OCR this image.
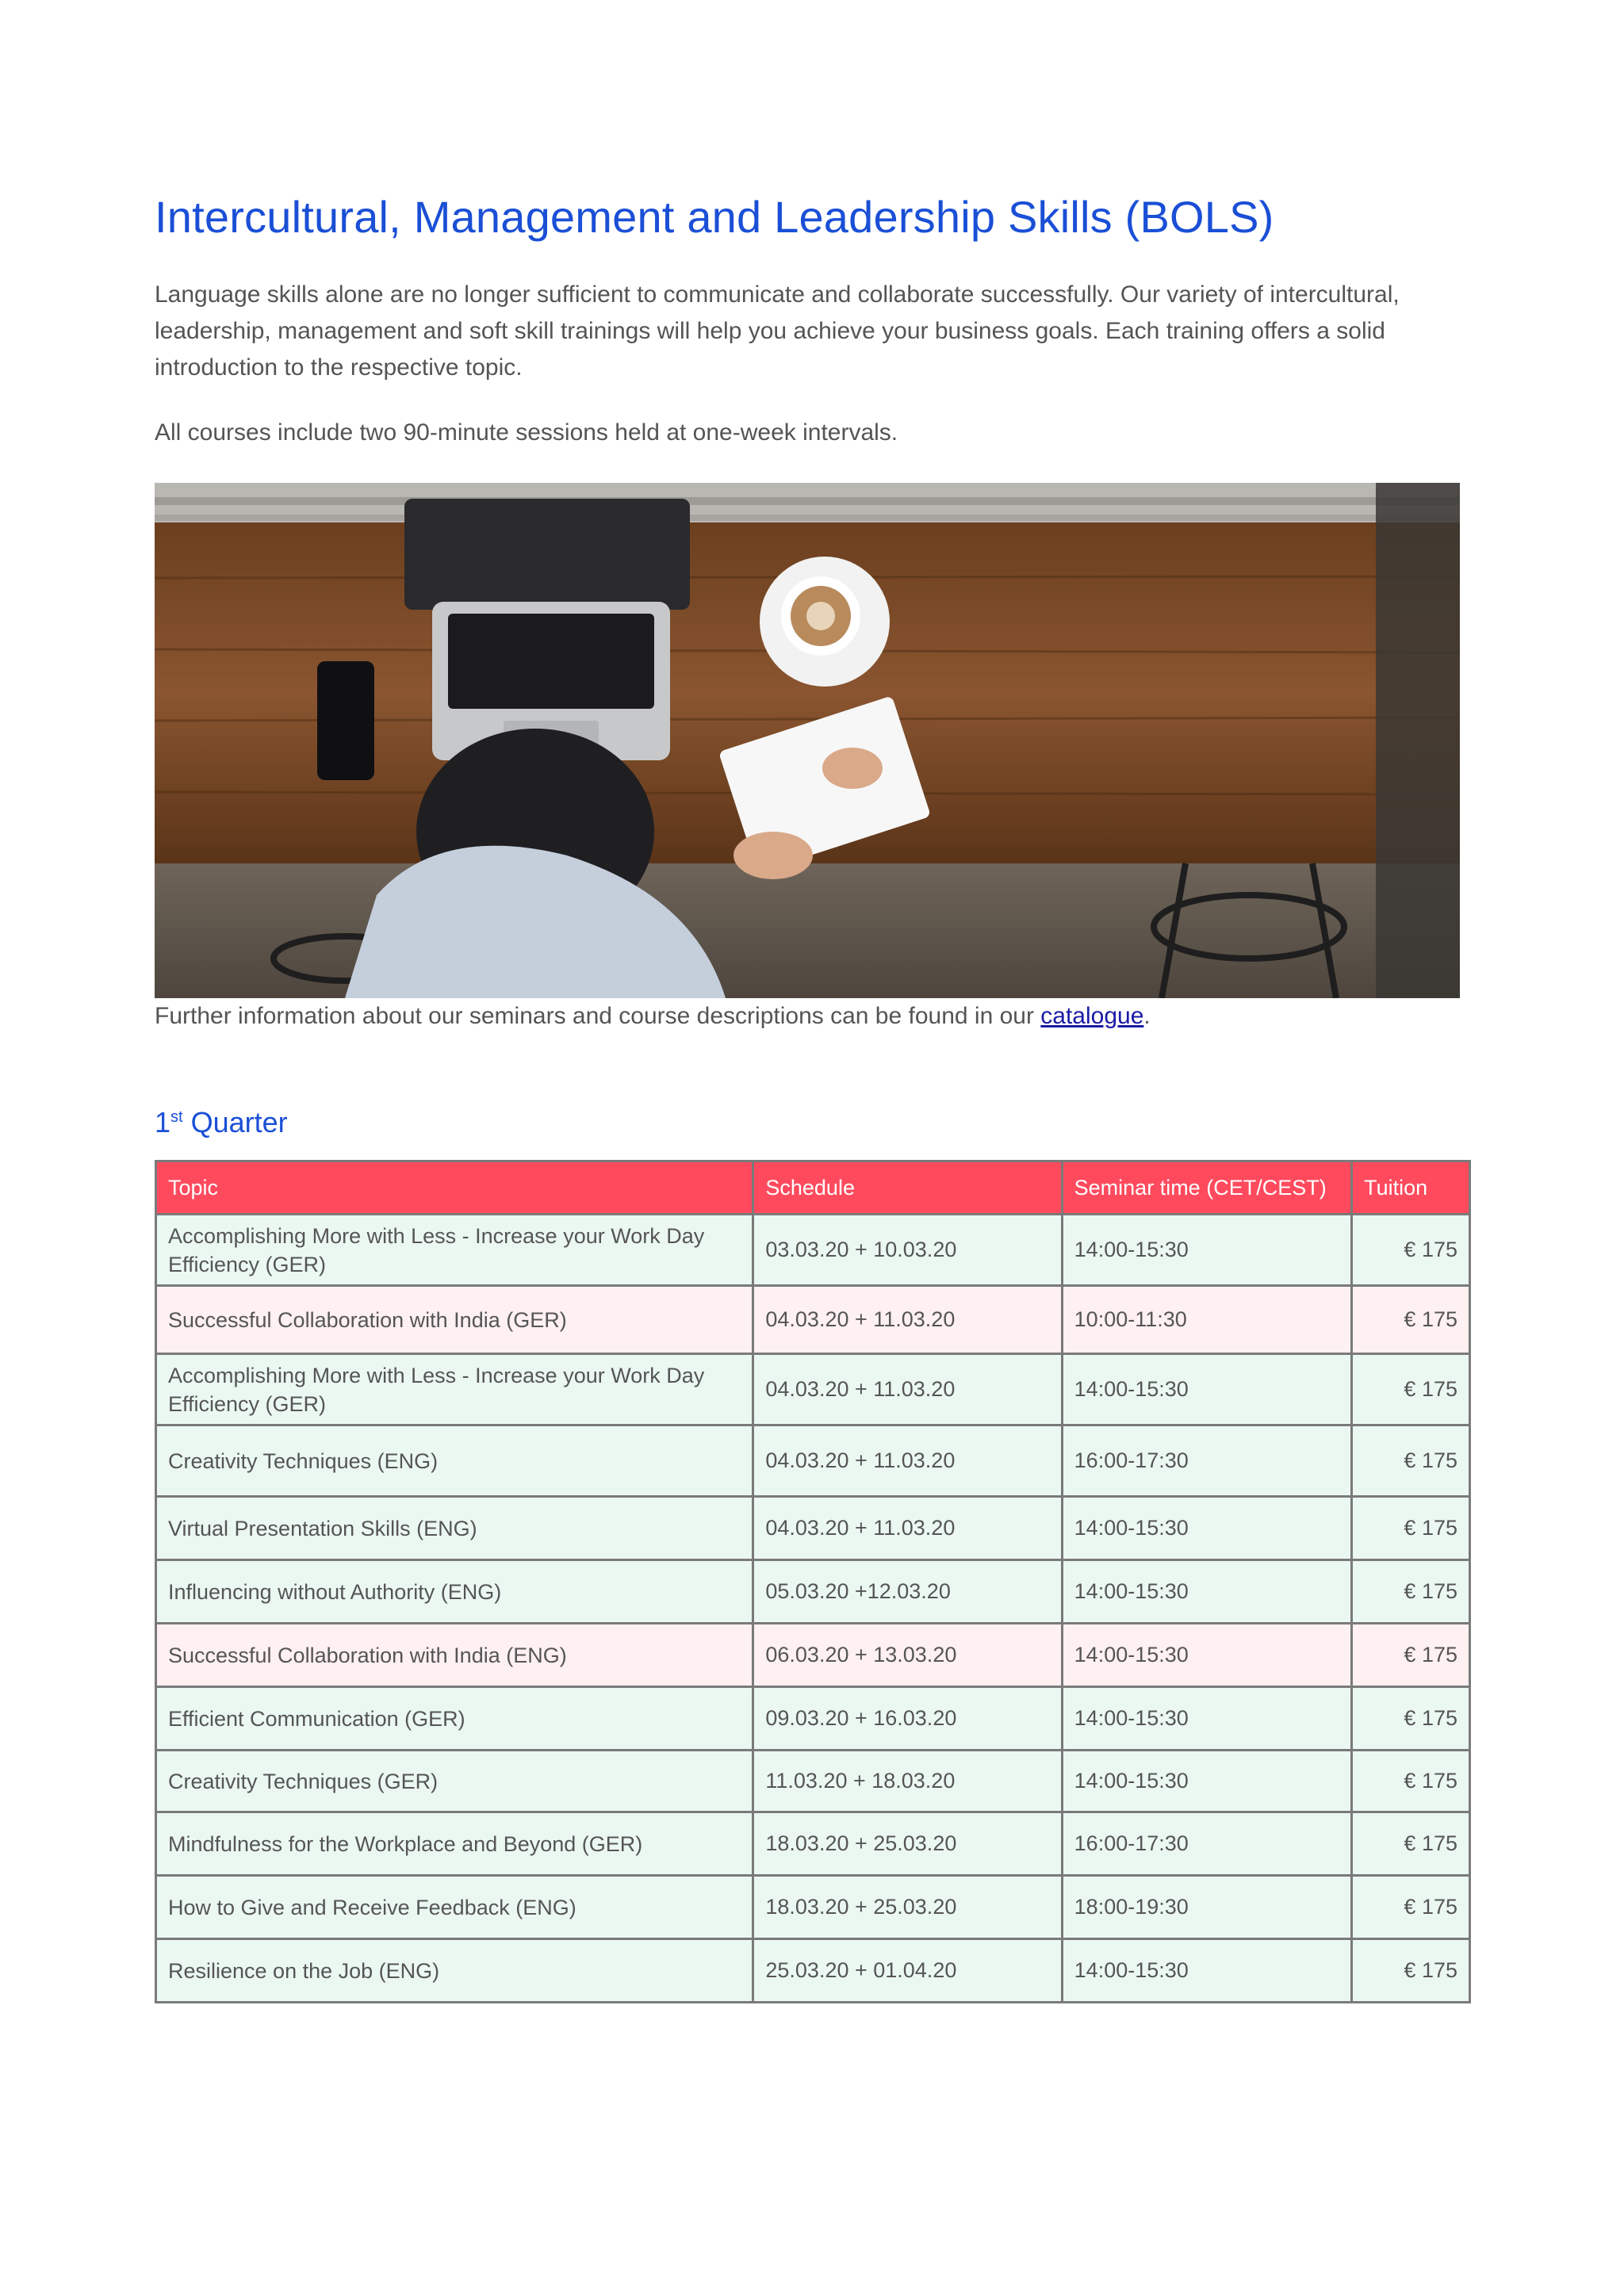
Intercultural, Management and Leadership Skills (BOLS)

Language skills alone are no longer sufficient to communicate and collaborate successfully. Our variety of intercultural, leadership, management and soft skill trainings will help you achieve your business goals. Each training offers a solid introduction to the respective topic.

All courses include two 90-minute sessions held at one-week intervals.

Further information about our seminars and course descriptions can be found in our catalogue.

1st Quarter
Topic	Schedule	Seminar time (CET/CEST)	Tuition
Accomplishing More with Less - Increase your Work Day Efficiency (GER)	03.03.20 + 10.03.20	14:00-15:30	€ 175
Successful Collaboration with India (GER)	04.03.20 + 11.03.20	10:00-11:30	€ 175
Accomplishing More with Less - Increase your Work Day Efficiency (GER)	04.03.20 + 11.03.20	14:00-15:30	€ 175
Creativity Techniques (ENG)	04.03.20 + 11.03.20	16:00-17:30	€ 175
Virtual Presentation Skills (ENG)	04.03.20 + 11.03.20	14:00-15:30	€ 175
Influencing without Authority (ENG)	05.03.20 +12.03.20	14:00-15:30	€ 175
Successful Collaboration with India (ENG)	06.03.20 + 13.03.20	14:00-15:30	€ 175
Efficient Communication (GER)	09.03.20 + 16.03.20	14:00-15:30	€ 175
Creativity Techniques (GER)	11.03.20 + 18.03.20	14:00-15:30	€ 175
Mindfulness for the Workplace and Beyond (GER)	18.03.20 + 25.03.20	16:00-17:30	€ 175
How to Give and Receive Feedback (ENG)	18.03.20 + 25.03.20	18:00-19:30	€ 175
Resilience on the Job (ENG)	25.03.20 + 01.04.20	14:00-15:30	€ 175
